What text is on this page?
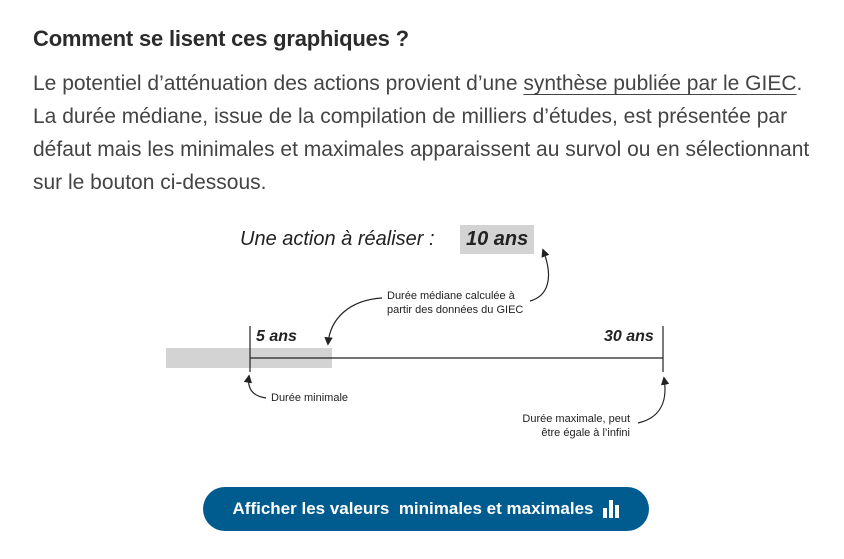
Comment se lisent ces graphiques ?
Le potentiel d’atténuation des actions provient d’une synthèse publiée par le GIEC. La durée médiane, issue de la compilation de milliers d’études, est présentée par défaut mais les minimales et maximales apparaissent au survol ou en sélectionnant sur le bouton ci-dessous.
Une action à réaliser :	10 ans
5 ans	30 ans
Durée médiane calculée à
partir des données du GIEC
Durée minimale
Durée maximale, peut
être égale à l’infini
Afficher les valeurs  minimales et maximales
